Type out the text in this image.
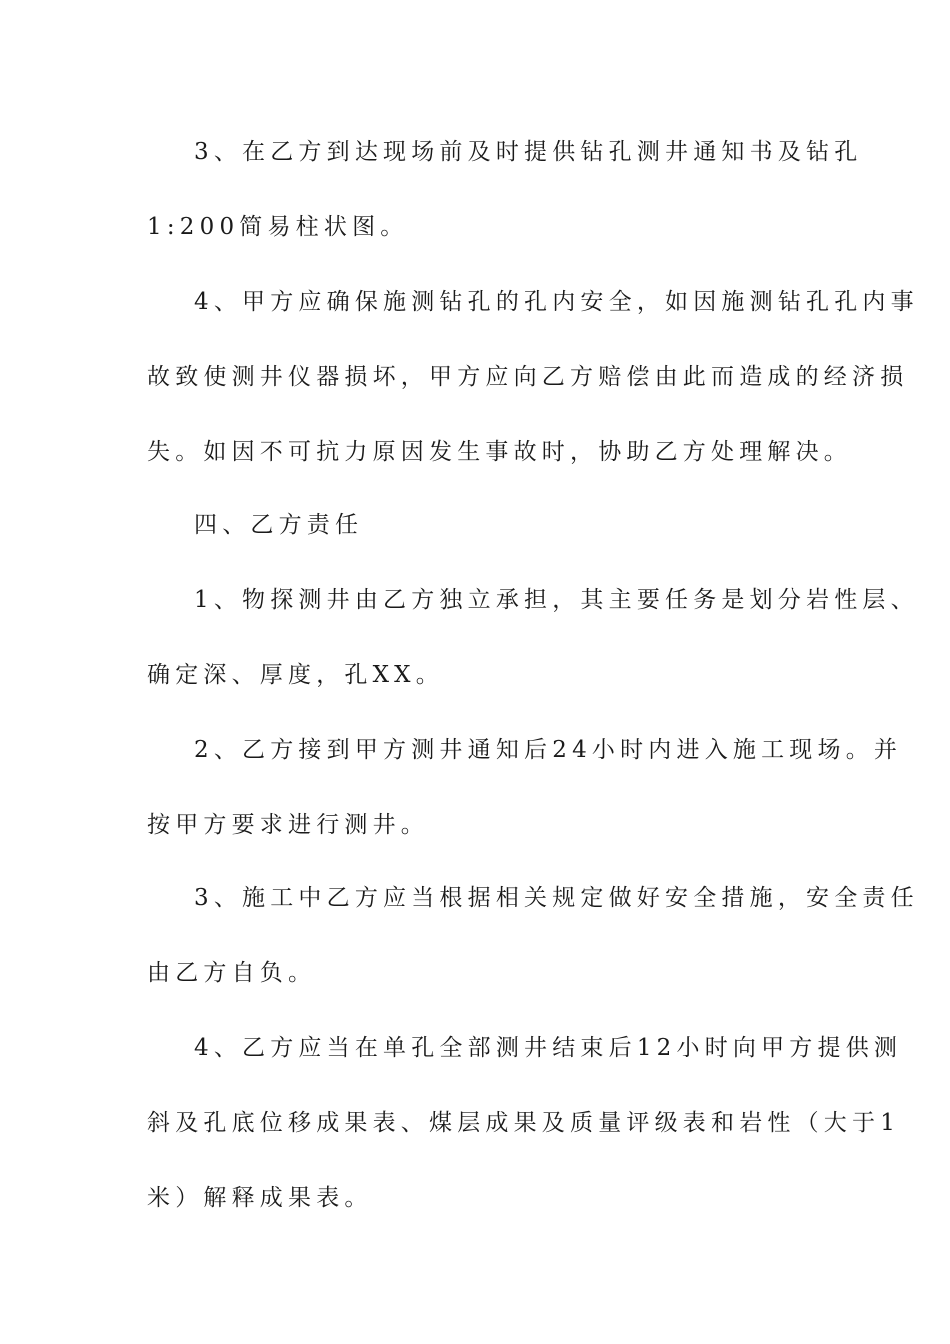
3、在乙方到达现场前及时提供钻孔测井通知书及钻孔
1:200简易柱状图。
4、甲方应确保施测钻孔的孔内安全，如因施测钻孔孔内事
故致使测井仪器损坏，甲方应向乙方赔偿由此而造成的经济损
失。如因不可抗力原因发生事故时，协助乙方处理解决。
四、乙方责任
1、物探测井由乙方独立承担，其主要任务是划分岩性层、
确定深、厚度，孔XX。
2、乙方接到甲方测井通知后24小时内进入施工现场。并
按甲方要求进行测井。
3、施工中乙方应当根据相关规定做好安全措施，安全责任
由乙方自负。
4、乙方应当在单孔全部测井结束后12小时向甲方提供测
斜及孔底位移成果表、煤层成果及质量评级表和岩性（大于1
米）解释成果表。
